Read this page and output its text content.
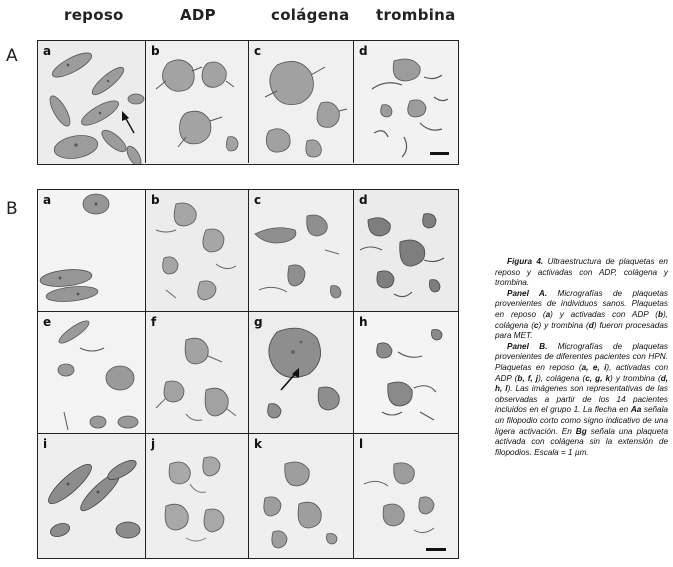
reposo	ADP	colágena trombina
A
B
a	b	c	d
a	b	c	d
e	f	g	h
i	j	k	l

Figura 4. Ultraestructura de plaquetas en reposo y activadas con ADP, colágena y trombina.

Panel A. Micrografías de plaquetas provenientes de individuos sanos. Plaquetas en reposo (a) y activadas con ADP (b), colágena (c) y trombina (d) fueron procesadas para MET.

Panel B. Micrografías de plaquetas provenientes de diferentes pacientes con HPN. Plaquetas en reposo (a, e, i), activadas con ADP (b, f, j), colágena (c, g, k) y trombina (d, h, l). Las imágenes son representativas de las observadas a partir de los 14 pacientes incluidos en el grupo 1. La flecha en Aa señala un filopodio corto como signo indicativo de una ligera activación. En Bg señala una plaqueta activada con colágena sin la extensión de filopodios. Escala = 1 µm.
